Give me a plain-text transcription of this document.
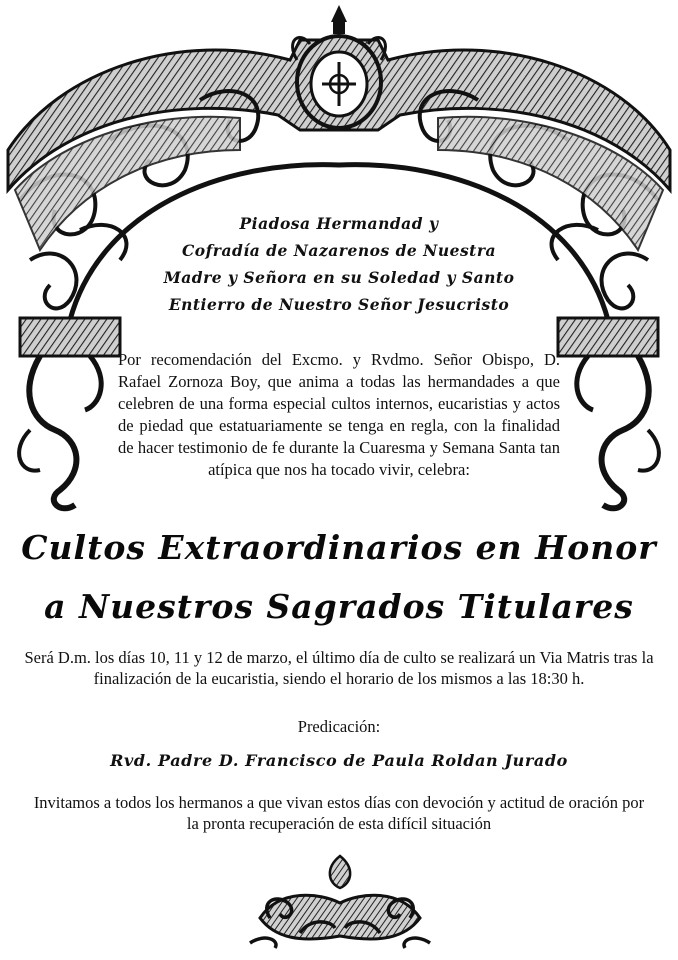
Piadosa Hermandad y
Cofradía de Nazarenos de Nuestra
Madre y Señora en su Soledad y Santo
Entierro de Nuestro Señor Jesucristo
Por recomendación del Excmo. y Rvdmo. Señor Obispo, D. Rafael Zornoza Boy, que anima a todas las hermandades a que celebren de una forma especial cultos internos, eucaristias y actos de piedad que estatuariamente se tenga en regla, con la finalidad de hacer testimonio de fe durante la Cuaresma y Semana Santa tan atípica que nos ha tocado vivir, celebra:
Cultos Extraordinarios en Honor
a Nuestros Sagrados Titulares
Será D.m. los días 10, 11 y 12 de marzo, el último día de culto se realizará un Via Matris tras la finalización de la eucaristia, siendo el horario de los mismos a las 18:30 h.
Predicación:
Rvd. Padre D. Francisco de Paula Roldan Jurado
Invitamos a todos los hermanos a que vivan estos días con devoción y actitud de oración por la pronta recuperación de esta difícil situación
